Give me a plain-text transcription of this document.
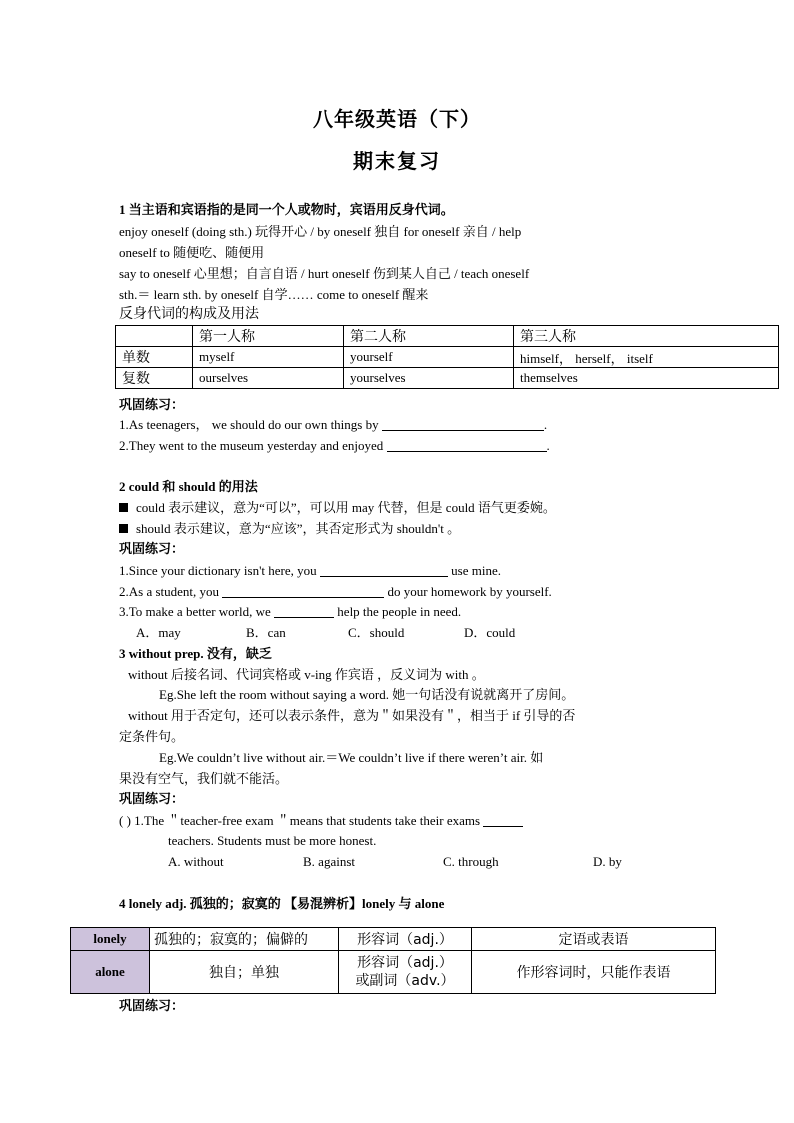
八年级英语（下）
期末复习
1 当主语和宾语指的是同一个人或物时，宾语用反身代词。
enjoy oneself (doing sth.) 玩得开心 / by oneself 独自 for oneself 亲自 / help
oneself to 随便吃、随便用
say to oneself 心里想；自言自语 / hurt oneself 伤到某人自己 / teach oneself
sth.＝ learn sth. by oneself 自学…… come to oneself 醒来
反身代词的构成及用法
	第一人称	第二人称	第三人称
单数	myself	yourself	himself， herself， itself
复数	ourselves	yourselves	themselves
巩固练习：
1.As teenagers， we should do our own things by	.
2.They went to the museum yesterday and enjoyed	.
2 could 和 should 的用法
could 表示建议，意为“可以”，可以用 may 代替，但是 could 语气更委婉。
should 表示建议，意为“应该”，其否定形式为 shouldn't 。
巩固练习：
1.Since your dictionary isn't here, you	use mine.
2.As a student, you	do your homework by yourself.
3.To make a better world, we	help the people in need.
A．may	B．can	C．should	D．could
3 without prep. 没有，缺乏
without 后接名词、代词宾格或 v-ing 作宾语 ，反义词为 with 。
Eg.She left the room without saying a word. 她一句话没有说就离开了房间。
without 用于否定句，还可以表示条件，意为＂如果没有＂，相当于 if 引导的否
定条件句。
Eg.We couldn’t live without air.＝We couldn’t live if there weren’t air. 如
果没有空气，我们就不能活。
巩固练习：
( ) 1.The ＂teacher-free exam ＂means that students take their exams
teachers. Students must be more honest.
A. without	B. against	C. through	D. by
4 lonely adj. 孤独的；寂寞的 【易混辨析】lonely 与 alone
lonely	孤独的；寂寞的；偏僻的	形容词（adj.）	定语或表语
alone	独自；单独	形容词（adj.）
或副词（adv.）	作形容词时，只能作表语
巩固练习：
